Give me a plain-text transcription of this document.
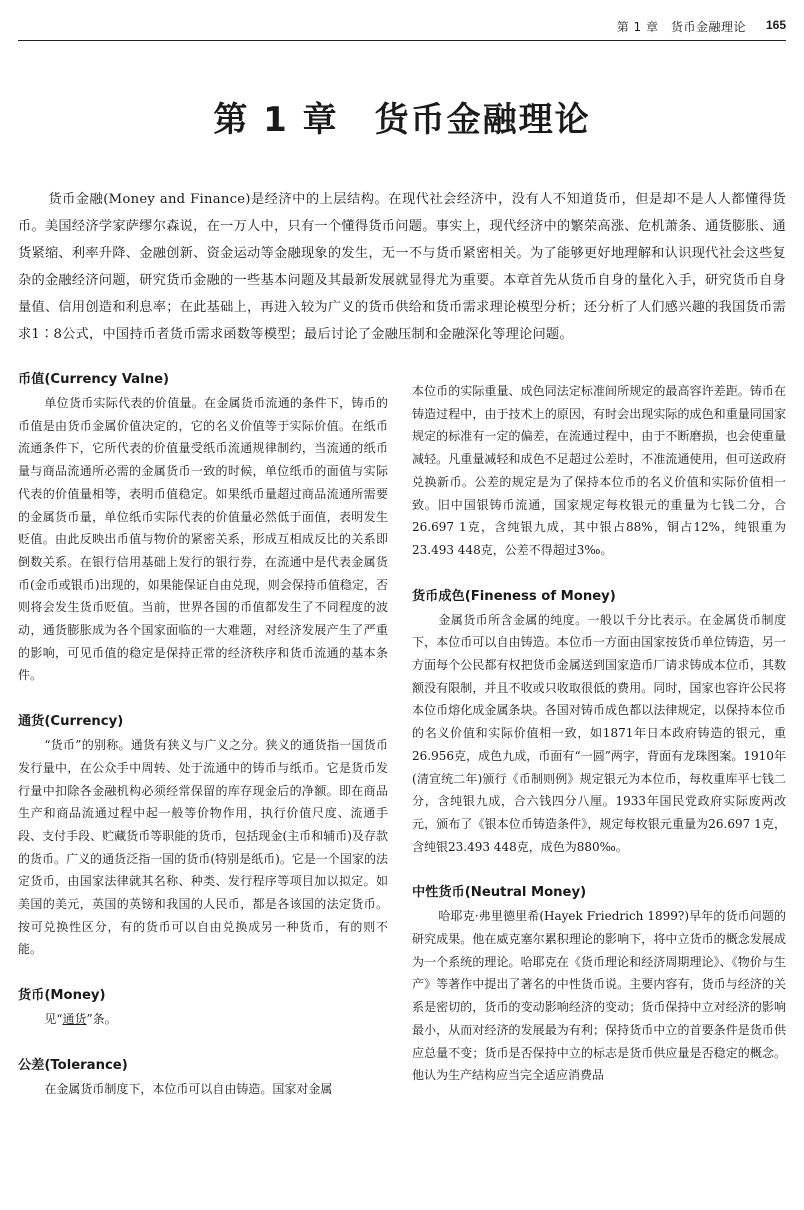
第 1 章　货币金融理论 165
第 1 章 货币金融理论

货币金融(Money and Finance)是经济中的上层结构。在现代社会经济中，没有人不知道货币，但是却不是人人都懂得货币。美国经济学家萨缪尔森说，在一万人中，只有一个懂得货币问题。事实上，现代经济中的繁荣高涨、危机萧条、通货膨胀、通货紧缩、利率升降、金融创新、资金运动等金融现象的发生，无一不与货币紧密相关。为了能够更好地理解和认识现代社会这些复杂的金融经济问题，研究货币金融的一些基本问题及其最新发展就显得尤为重要。本章首先从货币自身的量化入手，研究货币自身量值、信用创造和利息率；在此基础上，再进入较为广义的货币供给和货币需求理论模型分析；还分析了人们感兴趣的我国货币需求1∶8公式，中国持币者货币需求函数等模型；最后讨论了金融压制和金融深化等理论问题。

币值(Currency Valne)

单位货币实际代表的价值量。在金属货币流通的条件下，铸币的币值是由货币金属价值决定的，它的名义价值等于实际价值。在纸币流通条件下，它所代表的价值量受纸币流通规律制约，当流通的纸币量与商品流通所必需的金属货币一致的时候，单位纸币的面值与实际代表的价值量相等，表明币值稳定。如果纸币量超过商品流通所需要的金属货币量，单位纸币实际代表的价值量必然低于面值，表明发生贬值。由此反映出币值与物价的紧密关系，形成互相成反比的关系即倒数关系。在银行信用基础上发行的银行券，在流通中是代表金属货币(金币或银币)出现的，如果能保证自由兑现，则会保持币值稳定，否则将会发生货币贬值。当前，世界各国的币值都发生了不同程度的波动，通货膨胀成为各个国家面临的一大难题，对经济发展产生了严重的影响，可见币值的稳定是保持正常的经济秩序和货币流通的基本条件。

通货(Currency)

“货币”的别称。通货有狭义与广义之分。狭义的通货指一国货币发行量中，在公众手中周转、处于流通中的铸币与纸币。它是货币发行量中扣除各金融机构必须经常保留的库存现金后的净额。即在商品生产和商品流通过程中起一般等价物作用，执行价值尺度、流通手段、支付手段、贮藏货币等职能的货币，包括现金(主币和辅币)及存款的货币。广义的通货泛指一国的货币(特别是纸币)。它是一个国家的法定货币，由国家法律就其名称、种类、发行程序等项目加以拟定。如美国的美元，英国的英镑和我国的人民币，都是各该国的法定货币。按可兑换性区分，有的货币可以自由兑换成另一种货币，有的则不能。

货币(Money)

见“通货”条。

公差(Tolerance)

在金属货币制度下，本位币可以自由铸造。国家对金属

本位币的实际重量、成色同法定标准间所规定的最高容许差距。铸币在铸造过程中，由于技术上的原因，有时会出现实际的成色和重量同国家规定的标准有一定的偏差，在流通过程中，由于不断磨损，也会使重量减轻。凡重量减轻和成色不足超过公差时，不准流通使用，但可送政府兑换新币。公差的规定是为了保持本位币的名义价值和实际价值相一致。旧中国银铸币流通，国家规定每枚银元的重量为七钱二分，合26.697 1克，含纯银九成，其中银占88%，铜占12%，纯银重为23.493 448克，公差不得超过3‰。

货币成色(Fineness of Money)

金属货币所含金属的纯度。一般以千分比表示。在金属货币制度下，本位币可以自由铸造。本位币一方面由国家按货币单位铸造，另一方面每个公民都有权把货币金属送到国家造币厂请求铸成本位币，其数额没有限制，并且不收或只收取很低的费用。同时，国家也容许公民将本位币熔化成金属条块。各国对铸币成色都以法律规定，以保持本位币的名义价值和实际价值相一致，如1871年日本政府铸造的银元，重26.956克，成色九成，币面有“一圆”两字，背面有龙珠图案。1910年(清宣统二年)颁行《币制则例》规定银元为本位币，每枚重库平七钱二分，含纯银九成，合六钱四分八厘。1933年国民党政府实际废两改元，颁布了《银本位币铸造条件》，规定每枚银元重量为26.697 1克，含纯银23.493 448克，成色为880‰。

中性货币(Neutral Money)

哈耶克·弗里德里希(Hayek Friedrich 1899?)早年的货币问题的研究成果。他在威克塞尔累积理论的影响下，将中立货币的概念发展成为一个系统的理论。哈耶克在《货币理论和经济周期理论》、《物价与生产》等著作中提出了著名的中性货币说。主要内容有，货币与经济的关系是密切的，货币的变动影响经济的变动；货币保持中立对经济的影响最小，从而对经济的发展最为有利；保持货币中立的首要条件是货币供应总量不变；货币是否保持中立的标志是货币供应量是否稳定的概念。他认为生产结构应当完全适应消费品
